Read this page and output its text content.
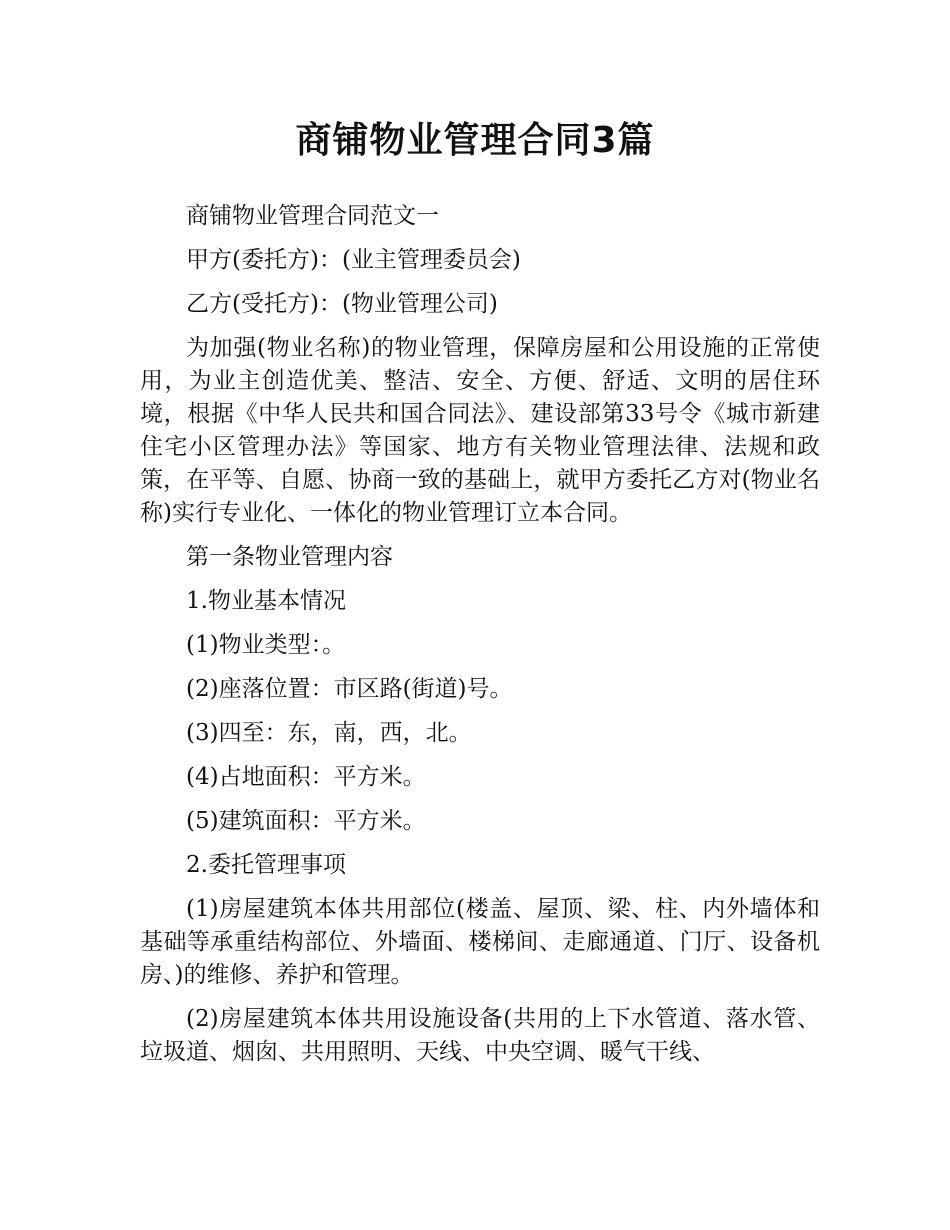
商铺物业管理合同3篇

商铺物业管理合同范文一

甲方(委托方)：(业主管理委员会)

乙方(受托方)：(物业管理公司)

为加强(物业名称)的物业管理，保障房屋和公用设施的正常使用，为业主创造优美、整洁、安全、方便、舒适、文明的居住环境，根据《中华人民共和国合同法》、建设部第33号令《城市新建住宅小区管理办法》等国家、地方有关物业管理法律、法规和政策，在平等、自愿、协商一致的基础上，就甲方委托乙方对(物业名称)实行专业化、一体化的物业管理订立本合同。

第一条物业管理内容

1.物业基本情况

(1)物业类型：。

(2)座落位置：市区路(街道)号。

(3)四至：东，南，西，北。

(4)占地面积：平方米。

(5)建筑面积：平方米。

2.委托管理事项

(1)房屋建筑本体共用部位(楼盖、屋顶、梁、柱、内外墙体和基础等承重结构部位、外墙面、楼梯间、走廊通道、门厅、设备机房、)的维修、养护和管理。

(2)房屋建筑本体共用设施设备(共用的上下水管道、落水管、垃圾道、烟囱、共用照明、天线、中央空调、暖气干线、
